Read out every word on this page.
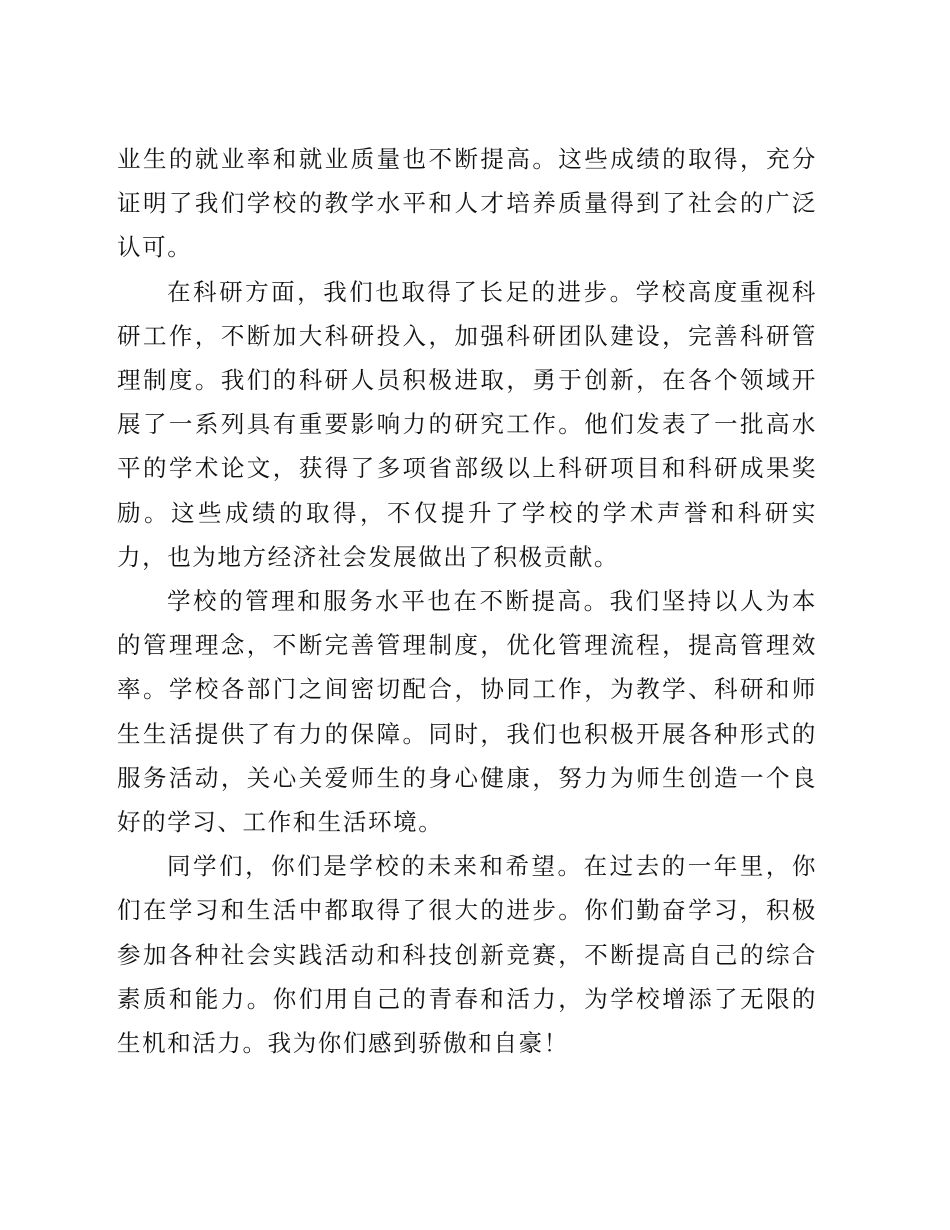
业生的就业率和就业质量也不断提高。这些成绩的取得，充分证明了我们学校的教学水平和人才培养质量得到了社会的广泛认可。

在科研方面，我们也取得了长足的进步。学校高度重视科研工作，不断加大科研投入，加强科研团队建设，完善科研管理制度。我们的科研人员积极进取，勇于创新，在各个领域开展了一系列具有重要影响力的研究工作。他们发表了一批高水平的学术论文，获得了多项省部级以上科研项目和科研成果奖励。这些成绩的取得，不仅提升了学校的学术声誉和科研实力，也为地方经济社会发展做出了积极贡献。

学校的管理和服务水平也在不断提高。我们坚持以人为本的管理理念，不断完善管理制度，优化管理流程，提高管理效率。学校各部门之间密切配合，协同工作，为教学、科研和师生生活提供了有力的保障。同时，我们也积极开展各种形式的服务活动，关心关爱师生的身心健康，努力为师生创造一个良好的学习、工作和生活环境。

同学们，你们是学校的未来和希望。在过去的一年里，你们在学习和生活中都取得了很大的进步。你们勤奋学习，积极参加各种社会实践活动和科技创新竞赛，不断提高自己的综合素质和能力。你们用自己的青春和活力，为学校增添了无限的生机和活力。我为你们感到骄傲和自豪！
